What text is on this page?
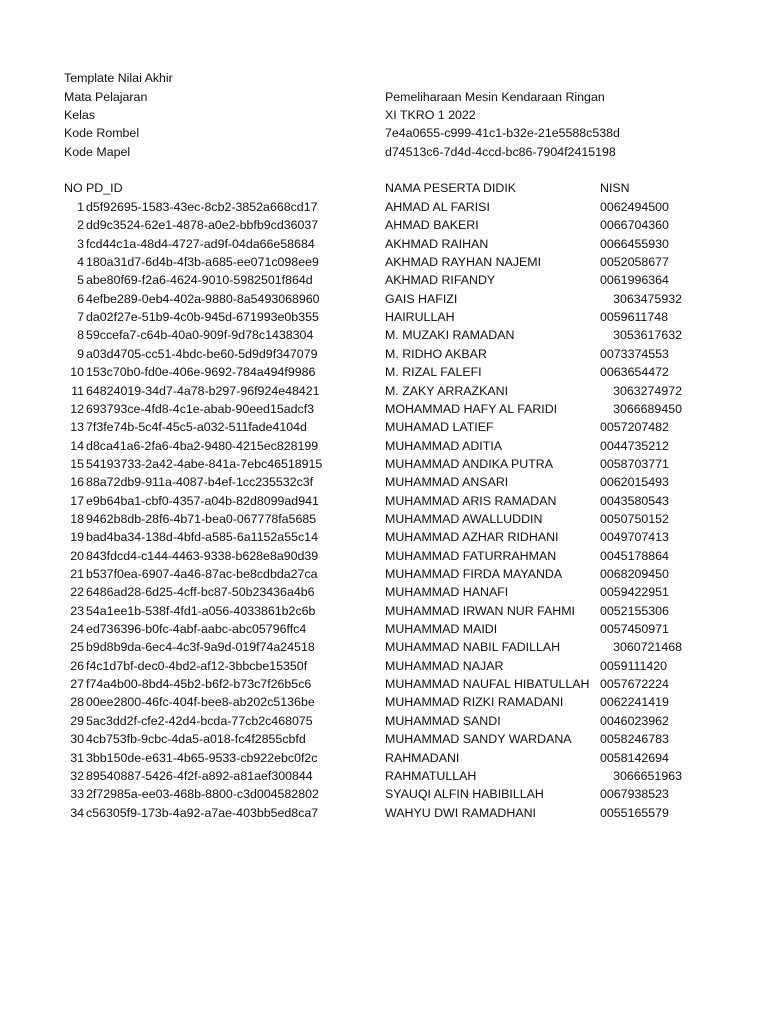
Template Nilai Akhir
Mata Pelajaran	Pemeliharaan Mesin Kendaraan Ringan
Kelas	XI TKRO 1 2022
Kode Rombel	7e4a0655-c999-41c1-b32e-21e5588c538d
Kode Mapel	d74513c6-7d4d-4ccd-bc86-7904f2415198
NO PD_ID	NAMA PESERTA DIDIK	NISN
1 d5f92695-1583-43ec-8cb2-3852a668cd17	AHMAD AL FARISI	0062494500
2 dd9c3524-62e1-4878-a0e2-bbfb9cd36037	AHMAD BAKERI	0066704360
3 fcd44c1a-48d4-4727-ad9f-04da66e58684	AKHMAD RAIHAN	0066455930
4 180a31d7-6d4b-4f3b-a685-ee071c098ee9	AKHMAD RAYHAN NAJEMI	0052058677
5 abe80f69-f2a6-4624-9010-5982501f864d	AKHMAD RIFANDY	0061996364
6 4efbe289-0eb4-402a-9880-8a5493068960	GAIS HAFIZI	3063475932
7 da02f27e-51b9-4c0b-945d-671993e0b355	HAIRULLAH	0059611748
8 59ccefa7-c64b-40a0-909f-9d78c1438304	M. MUZAKI RAMADAN	3053617632
9 a03d4705-cc51-4bdc-be60-5d9d9f347079	M. RIDHO AKBAR	0073374553
10 153c70b0-fd0e-406e-9692-784a494f9986	M. RIZAL FALEFI	0063654472
11 64824019-34d7-4a78-b297-96f924e48421	M. ZAKY ARRAZKANI	3063274972
12 693793ce-4fd8-4c1e-abab-90eed15adcf3	MOHAMMAD HAFY AL FARIDI	3066689450
13 7f3fe74b-5c4f-45c5-a032-511fade4104d	MUHAMAD LATIEF	0057207482
14 d8ca41a6-2fa6-4ba2-9480-4215ec828199	MUHAMMAD ADITIA	0044735212
15 54193733-2a42-4abe-841a-7ebc46518915	MUHAMMAD ANDIKA PUTRA	0058703771
16 88a72db9-911a-4087-b4ef-1cc235532c3f	MUHAMMAD ANSARI	0062015493
17 e9b64ba1-cbf0-4357-a04b-82d8099ad941	MUHAMMAD ARIS RAMADAN	0043580543
18 9462b8db-28f6-4b71-bea0-067778fa5685	MUHAMMAD AWALLUDDIN	0050750152
19 bad4ba34-138d-4bfd-a585-6a1152a55c14	MUHAMMAD AZHAR RIDHANI	0049707413
20 843fdcd4-c144-4463-9338-b628e8a90d39	MUHAMMAD FATURRAHMAN	0045178864
21 b537f0ea-6907-4a46-87ac-be8cdbda27ca	MUHAMMAD FIRDA MAYANDA	0068209450
22 6486ad28-6d25-4cff-bc87-50b23436a4b6	MUHAMMAD HANAFI	0059422951
23 54a1ee1b-538f-4fd1-a056-4033861b2c6b	MUHAMMAD IRWAN NUR FAHMI 0052155306
24 ed736396-b0fc-4abf-aabc-abc05796ffc4	MUHAMMAD MAIDI	0057450971
25 b9d8b9da-6ec4-4c3f-9a9d-019f74a24518	MUHAMMAD NABIL FADILLAH	3060721468
26 f4c1d7bf-dec0-4bd2-af12-3bbcbe15350f	MUHAMMAD NAJAR	0059111420
27 f74a4b00-8bd4-45b2-b6f2-b73c7f26b5c6	MUHAMMAD NAUFAL HIBATULLAH 0057672224
28 00ee2800-46fc-404f-bee8-ab202c5136be	MUHAMMAD RIZKI RAMADANI	0062241419
29 5ac3dd2f-cfe2-42d4-bcda-77cb2c468075	MUHAMMAD SANDI	0046023962
30 4cb753fb-9cbc-4da5-a018-fc4f2855cbfd	MUHAMMAD SANDY WARDANA 0058246783
31 3bb150de-e631-4b65-9533-cb922ebc0f2c	RAHMADANI	0058142694
32 89540887-5426-4f2f-a892-a81aef300844	RAHMATULLAH	3066651963
33 2f72985a-ee03-468b-8800-c3d004582802	SYAUQI ALFIN HABIBILLAH	0067938523
34 c56305f9-173b-4a92-a7ae-403bb5ed8ca7	WAHYU DWI RAMADHANI	0055165579
